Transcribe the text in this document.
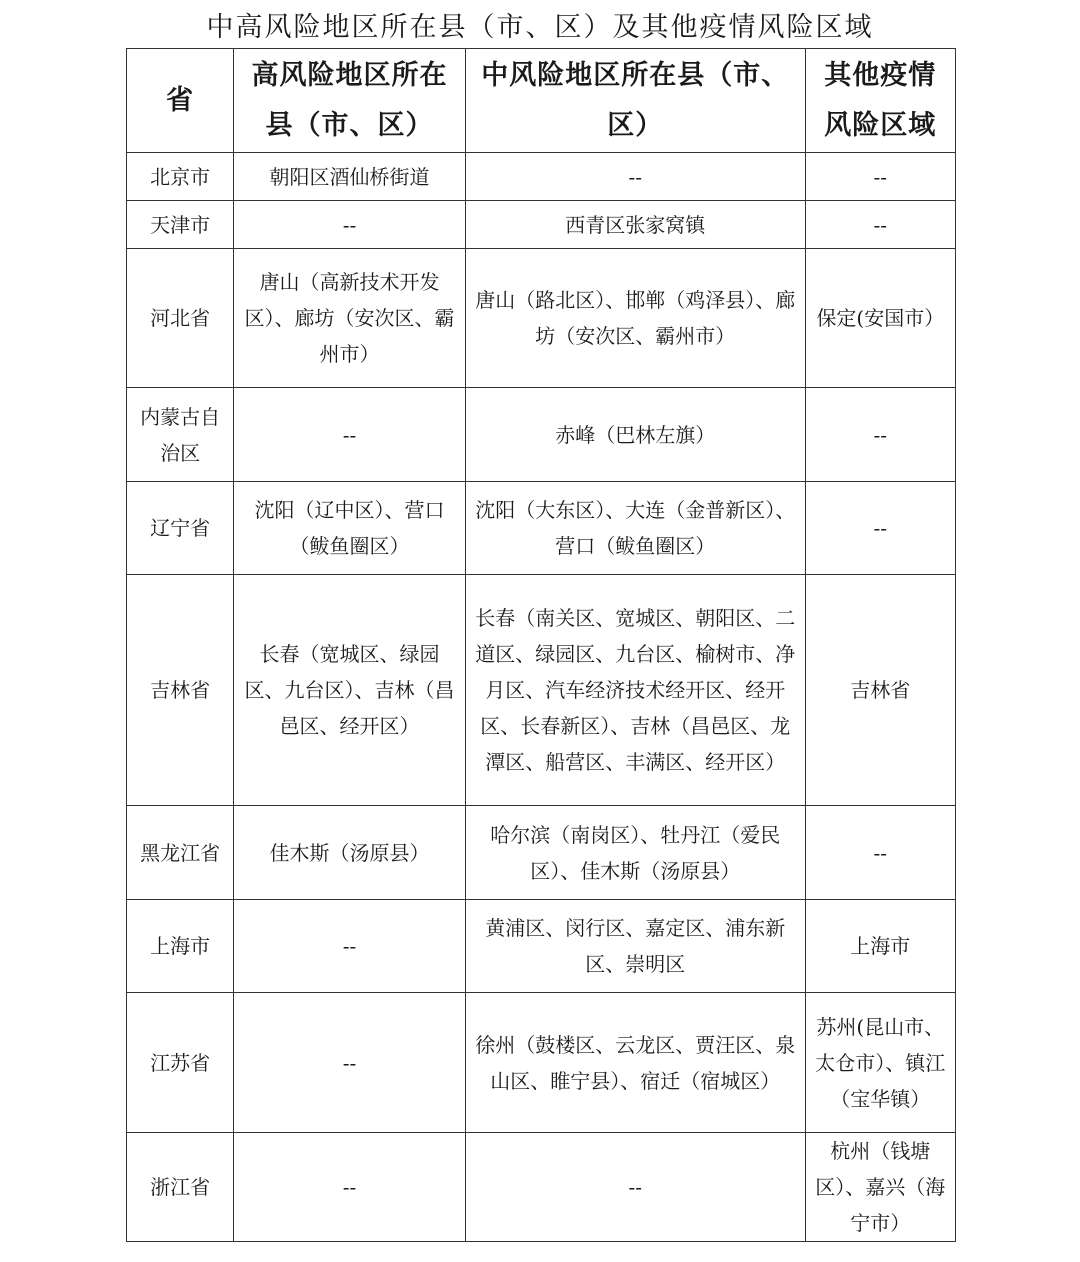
中高风险地区所在县（市、区）及其他疫情风险区域
省	高风险地区所在县（市、区）	中风险地区所在县（市、区）	其他疫情风险区域
北京市	朝阳区酒仙桥街道	--	--
天津市	--	西青区张家窝镇	--
河北省	唐山（高新技术开发区）、廊坊（安次区、霸州市）	唐山（路北区）、邯郸（鸡泽县）、廊坊（安次区、霸州市）	保定(安国市）
内蒙古自治区	--	赤峰（巴林左旗）	--
辽宁省	沈阳（辽中区）、营口（鲅鱼圈区）	沈阳（大东区）、大连（金普新区）、营口（鲅鱼圈区）	--
吉林省	长春（宽城区、绿园区、九台区）、吉林（昌邑区、经开区）	长春（南关区、宽城区、朝阳区、二道区、绿园区、九台区、榆树市、净月区、汽车经济技术经开区、经开区、长春新区）、吉林（昌邑区、龙潭区、船营区、丰满区、经开区）	吉林省
黑龙江省	佳木斯（汤原县）	哈尔滨（南岗区）、牡丹江（爱民区）、佳木斯（汤原县）	--
上海市	--	黄浦区、闵行区、嘉定区、浦东新区、崇明区	上海市
江苏省	--	徐州（鼓楼区、云龙区、贾汪区、泉山区、睢宁县）、宿迁（宿城区）	苏州(昆山市、太仓市）、镇江（宝华镇）
浙江省	--	--	杭州（钱塘区）、嘉兴（海宁市）
